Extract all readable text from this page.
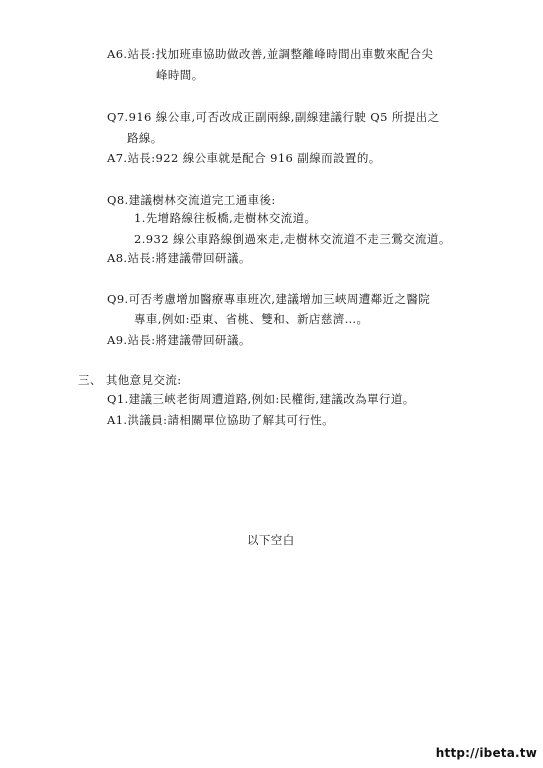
A6.站長:找加班車協助做改善,並調整離峰時間出車數來配合尖
峰時間。
Q7.916 線公車,可否改成正副兩線,副線建議行駛 Q5 所提出之
路線。
A7.站長:922 線公車就是配合 916 副線而設置的。
Q8.建議樹林交流道完工通車後:
1.先增路線往板橋,走樹林交流道。
2.932 線公車路線倒過來走,走樹林交流道不走三鶯交流道。
A8.站長:將建議帶回研議。
Q9.可否考慮增加醫療專車班次,建議增加三峽周遭鄰近之醫院
專車,例如:亞東、省桃、雙和、新店慈濟…。
A9.站長:將建議帶回研議。
三、 其他意見交流:
Q1.建議三峽老街周遭道路,例如:民權街,建議改為單行道。
A1.洪議員:請相關單位協助了解其可行性。
以下空白
http://ibeta.tw
